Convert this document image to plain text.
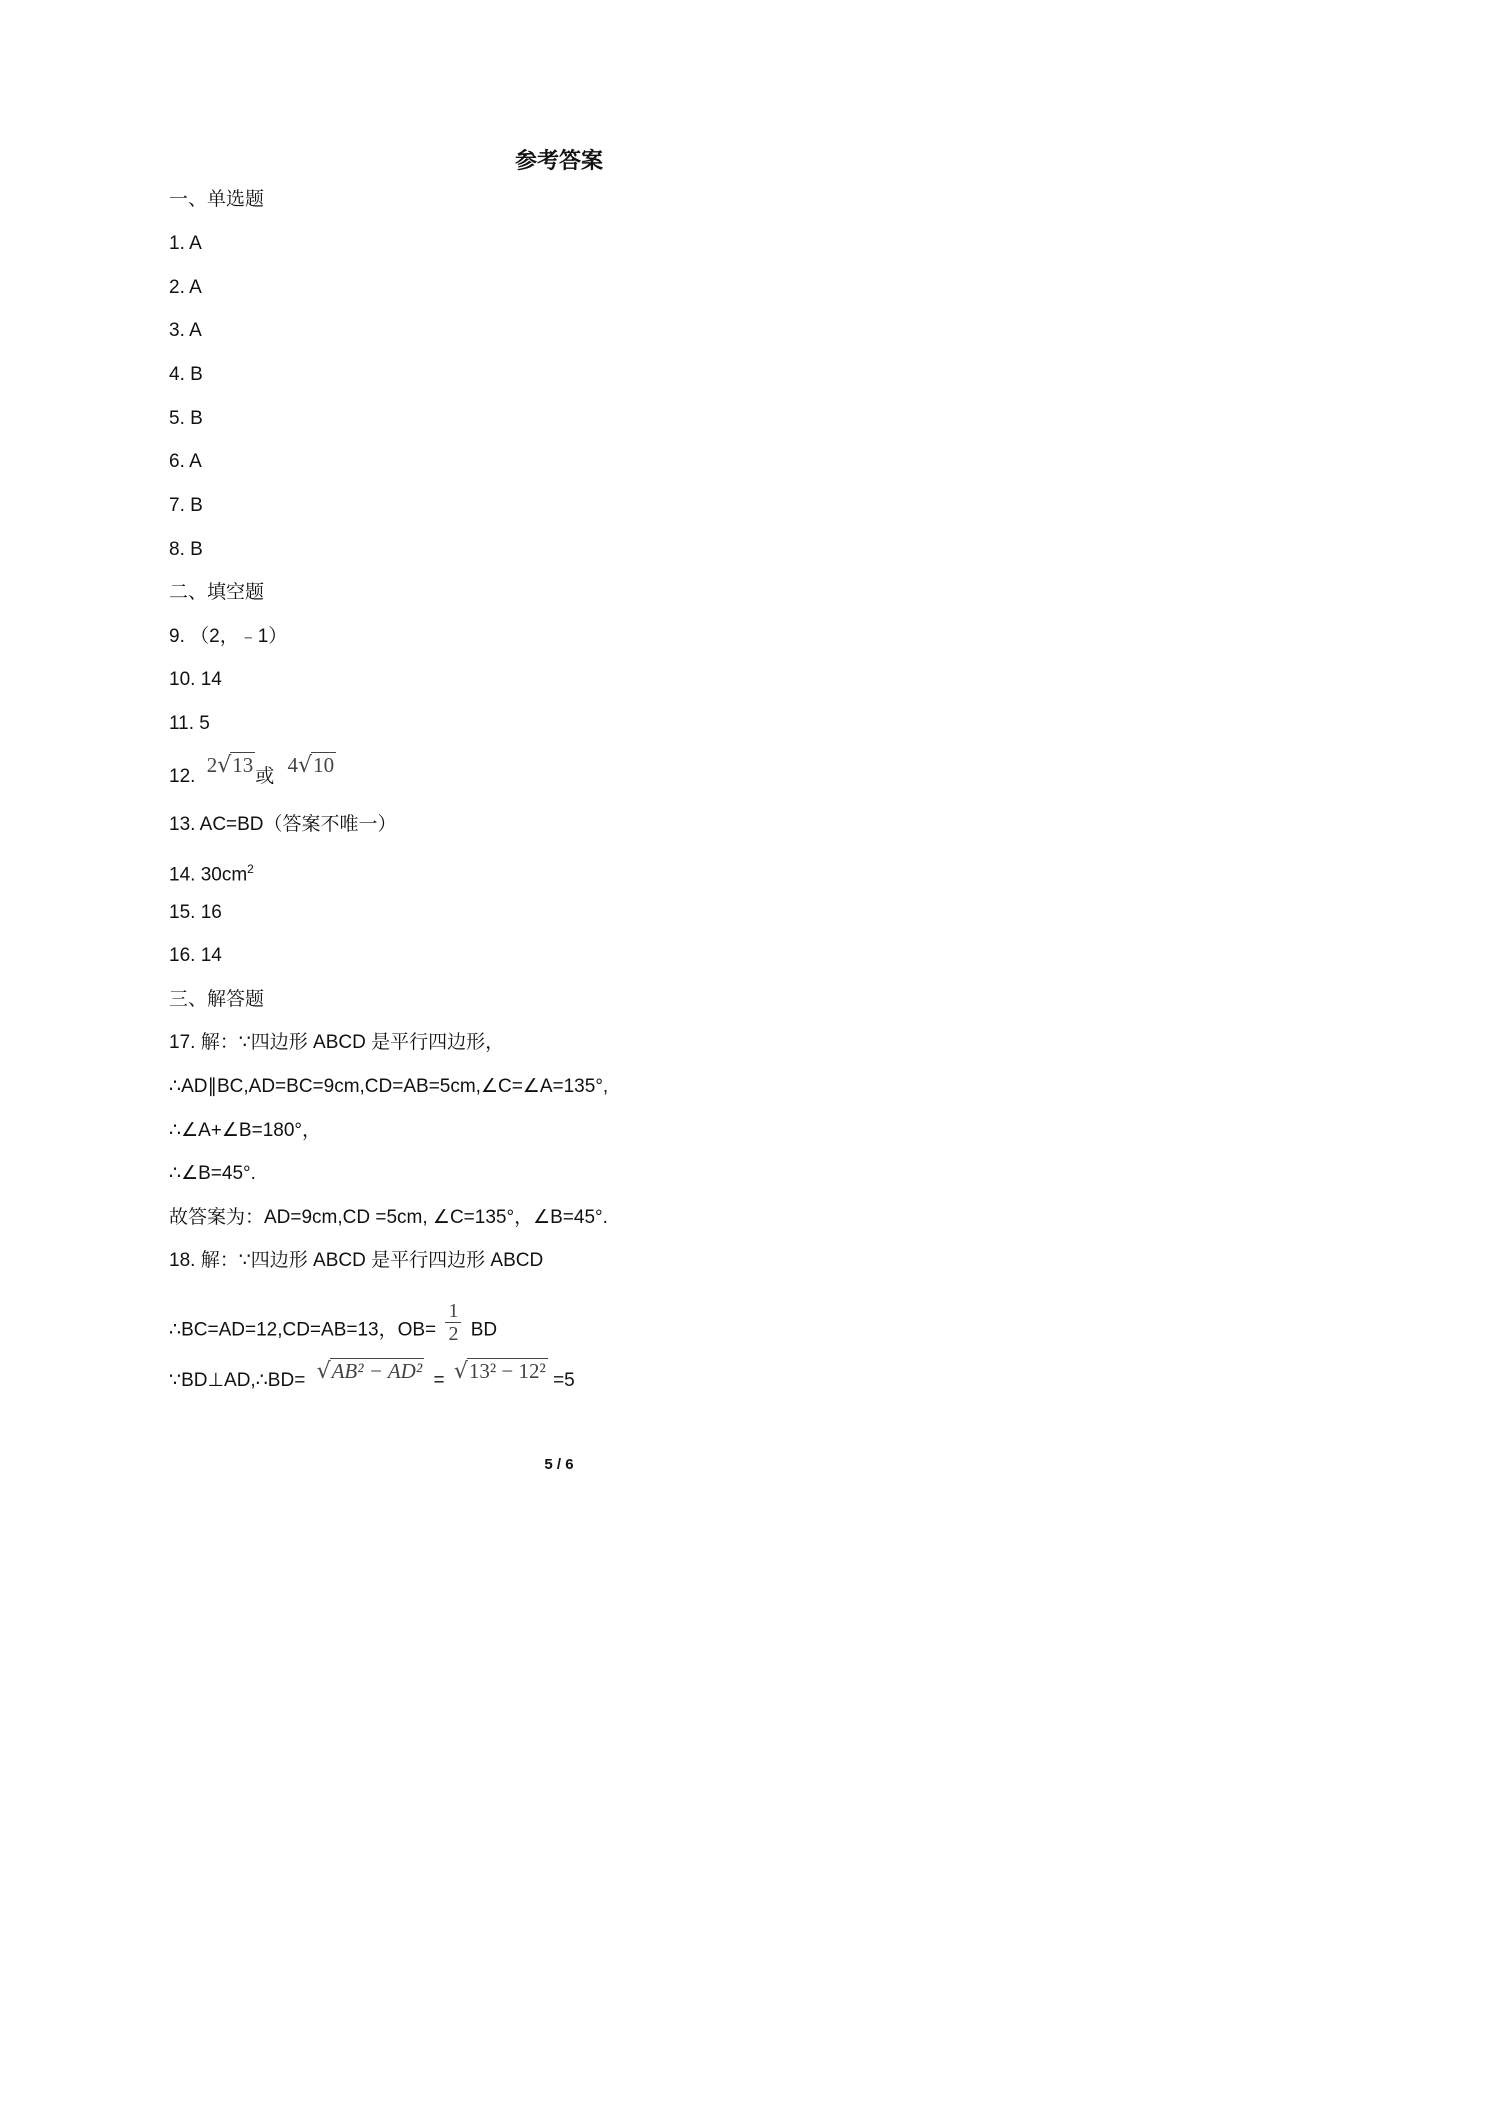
参考答案
一、单选题
1. A
2. A
3. A
4. B
5. B
6. A
7. B
8. B
二、填空题
9. （2，﹣1）
10. 14
11. 5
12. 2√13 或 4√10
13. AC=BD（答案不唯一）
14. $30cm^2$
15. 16
16. 14
三、解答题
17. 解：∵四边形 ABCD 是平行四边形，
∴AD∥BC,AD=BC=9cm,CD=AB=5cm,∠C=∠A=135°,
∴∠A+∠B=180°，
∴∠B=45°.
故答案为：AD=9cm,CD =5cm, ∠C=135°，∠B=45°.
18. 解：∵四边形 ABCD 是平行四边形 ABCD
∴BC=AD=12,CD=AB=13，$OB= \frac{1}{2}$ BD
∵BD⊥AD,∴BD= √AB² − AD² = √13² − 12² =5
5 / 6
